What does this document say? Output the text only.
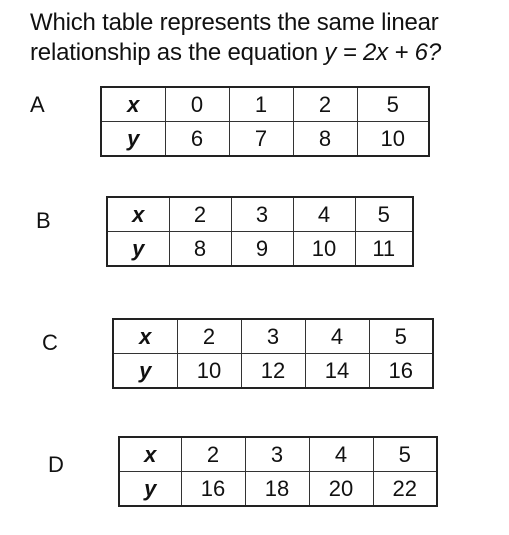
Which table represents the same linear
relationship as the equation y = 2x + 6?
A	x	0	1	2	5
y	6	7	8	10
B	x	2	3	4	5
y	8	9	10	11
C	x	2	3	4	5
y	10	12	14	16
D	x	2	3	4	5
y	16	18	20	22
